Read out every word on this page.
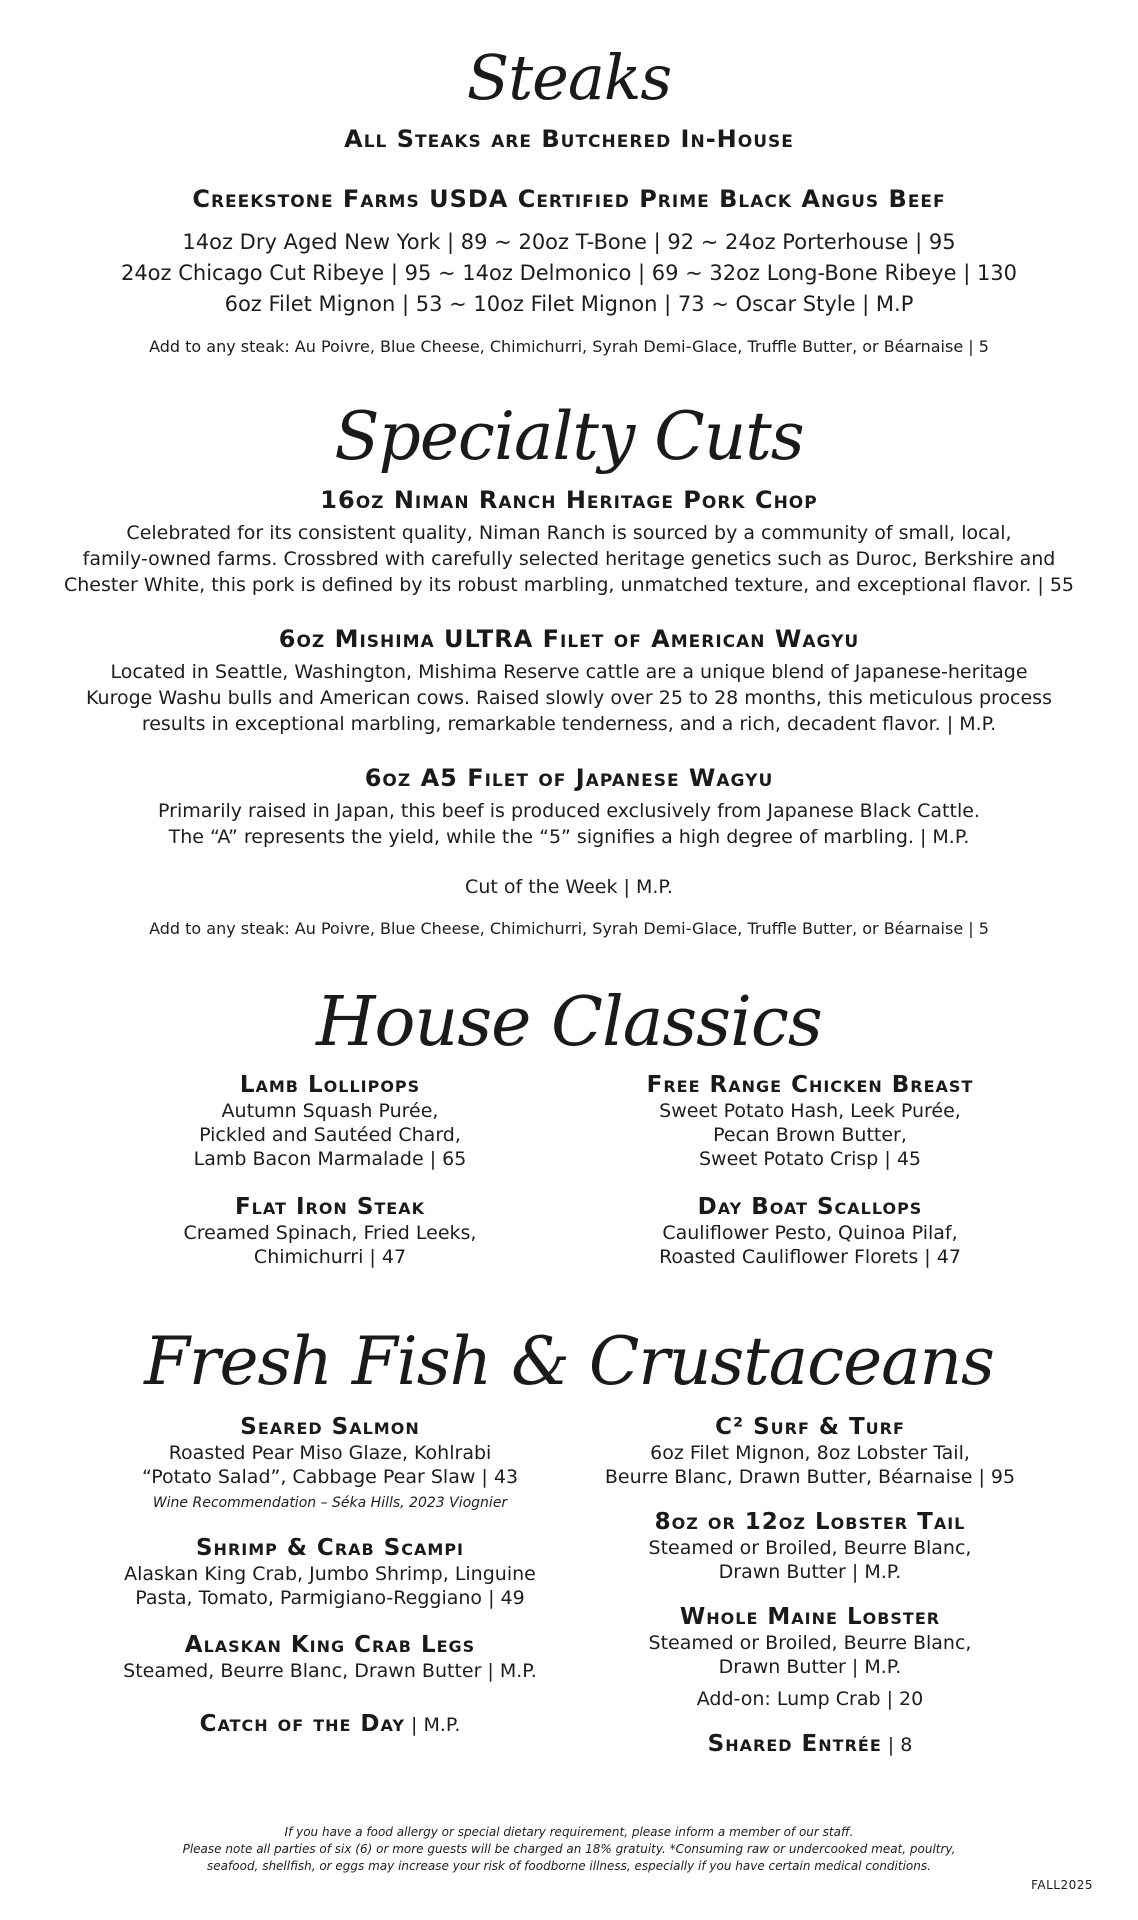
Steaks
All Steaks are Butchered In-House
Creekstone Farms USDA Certified Prime Black Angus Beef
14oz Dry Aged New York | 89 ~ 20oz T-Bone | 92 ~ 24oz Porterhouse | 95
24oz Chicago Cut Ribeye | 95 ~ 14oz Delmonico | 69 ~ 32oz Long-Bone Ribeye | 130
6oz Filet Mignon | 53 ~ 10oz Filet Mignon | 73 ~ Oscar Style | M.P
Add to any steak: Au Poivre, Blue Cheese, Chimichurri, Syrah Demi-Glace, Truffle Butter, or Béarnaise | 5
Specialty Cuts
16oz Niman Ranch Heritage Pork Chop
Celebrated for its consistent quality, Niman Ranch is sourced by a community of small, local,
family-owned farms. Crossbred with carefully selected heritage genetics such as Duroc, Berkshire and
Chester White, this pork is defined by its robust marbling, unmatched texture, and exceptional flavor. | 55
6oz Mishima ULTRA Filet of American Wagyu
Located in Seattle, Washington, Mishima Reserve cattle are a unique blend of Japanese-heritage
Kuroge Washu bulls and American cows. Raised slowly over 25 to 28 months, this meticulous process
results in exceptional marbling, remarkable tenderness, and a rich, decadent flavor. | M.P.
6oz A5 Filet of Japanese Wagyu
Primarily raised in Japan, this beef is produced exclusively from Japanese Black Cattle.
The “A” represents the yield, while the “5” signifies a high degree of marbling. | M.P.
Cut of the Week | M.P.
Add to any steak: Au Poivre, Blue Cheese, Chimichurri, Syrah Demi-Glace, Truffle Butter, or Béarnaise | 5
House Classics
Lamb Lollipops
Autumn Squash Purée,
Pickled and Sautéed Chard,
Lamb Bacon Marmalade | 65
Flat Iron Steak
Creamed Spinach, Fried Leeks,
Chimichurri | 47
Free Range Chicken Breast
Sweet Potato Hash, Leek Purée,
Pecan Brown Butter,
Sweet Potato Crisp | 45
Day Boat Scallops
Cauliflower Pesto, Quinoa Pilaf,
Roasted Cauliflower Florets | 47
Fresh Fish & Crustaceans
Seared Salmon
Roasted Pear Miso Glaze, Kohlrabi
“Potato Salad”, Cabbage Pear Slaw | 43
Wine Recommendation – Séka Hills, 2023 Viognier
Shrimp & Crab Scampi
Alaskan King Crab, Jumbo Shrimp, Linguine
Pasta, Tomato, Parmigiano-Reggiano | 49
Alaskan King Crab Legs
Steamed, Beurre Blanc, Drawn Butter | M.P.
Catch of the Day | M.P.
C² Surf & Turf
6oz Filet Mignon, 8oz Lobster Tail,
Beurre Blanc, Drawn Butter, Béarnaise | 95
8oz or 12oz Lobster Tail
Steamed or Broiled, Beurre Blanc,
Drawn Butter | M.P.
Whole Maine Lobster
Steamed or Broiled, Beurre Blanc,
Drawn Butter | M.P.
Add-on: Lump Crab | 20
Shared Entrée | 8
If you have a food allergy or special dietary requirement, please inform a member of our staff.
Please note all parties of six (6) or more guests will be charged an 18% gratuity. *Consuming raw or undercooked meat, poultry,
seafood, shellfish, or eggs may increase your risk of foodborne illness, especially if you have certain medical conditions.
FALL2025
